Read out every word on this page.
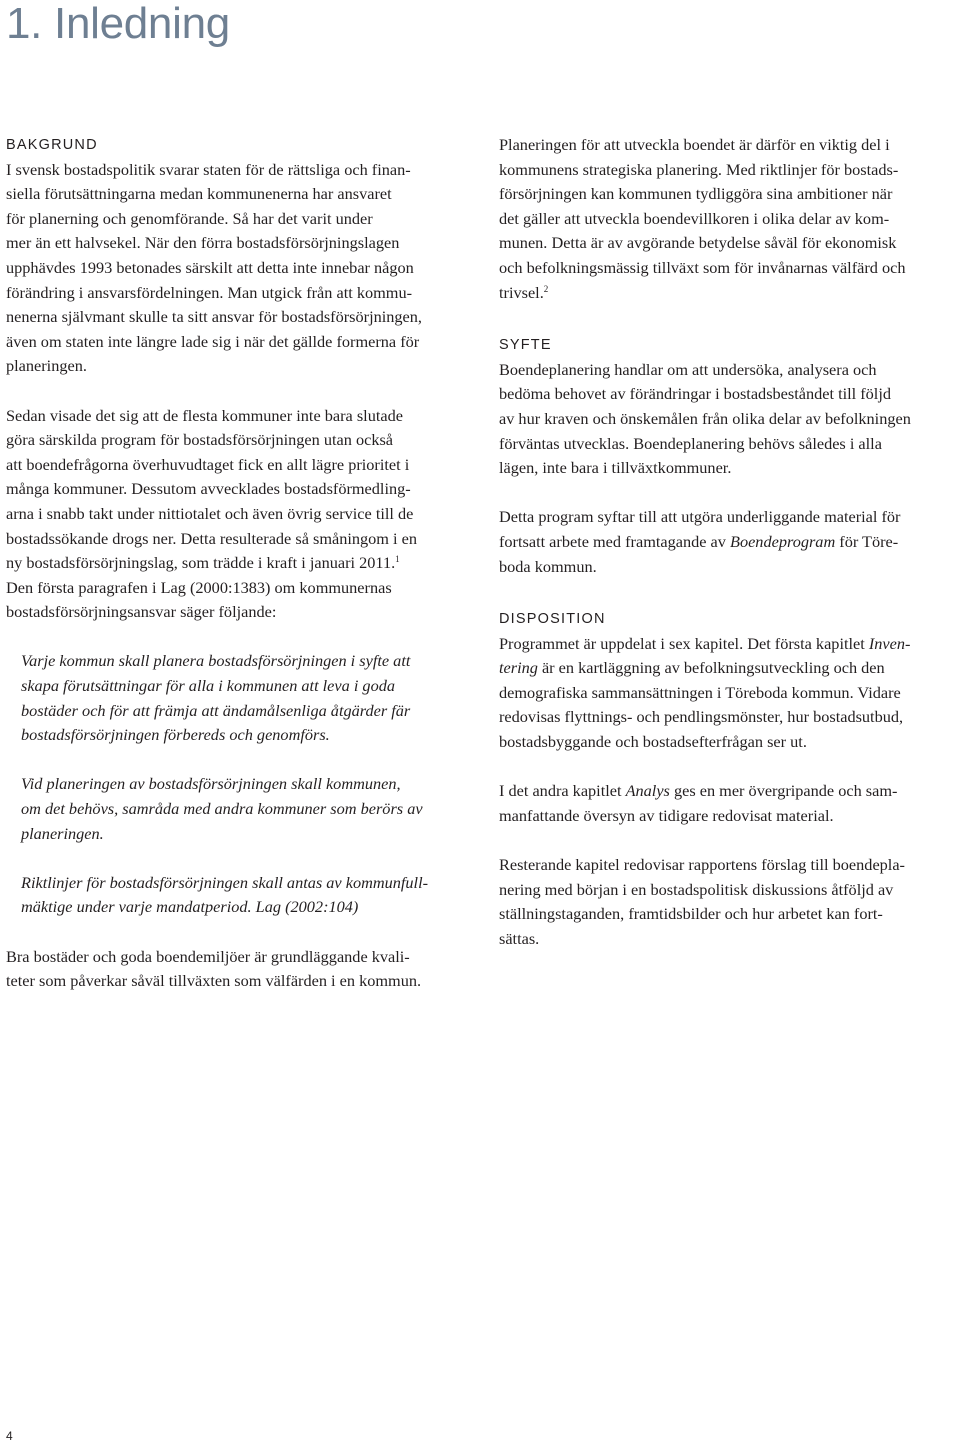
1. Inledning
BAKGRUND

I svensk bostadspolitik svarar staten för de rättsliga och finan-
siella förutsättningarna medan kommunenerna har ansvaret
för planerning och genomförande. Så har det varit under
mer än ett halvsekel. När den förra bostadsförsörjningslagen
upphävdes 1993 betonades särskilt att detta inte innebar någon
förändring i ansvarsfördelningen. Man utgick från att kommu-
nenerna självmant skulle ta sitt ansvar för bostadsförsörjningen,
även om staten inte längre lade sig i när det gällde formerna för
planeringen.

Sedan visade det sig att de flesta kommuner inte bara slutade
göra särskilda program för bostadsförsörjningen utan också
att boendefrågorna överhuvudtaget fick en allt lägre prioritet i
många kommuner. Dessutom avvecklades bostadsförmedling-
arna i snabb takt under nittiotalet och även övrig service till de
bostadssökande drogs ner. Detta resulterade så småningom i en
ny bostadsförsörjningslag, som trädde i kraft i januari 2011.$^1$
Den första paragrafen i Lag (2000:1383) om kommunernas
bostadsförsörjningsansvar säger följande:

Varje kommun skall planera bostadsförsörjningen i syfte att
skapa förutsättningar för alla i kommunen att leva i goda
bostäder och för att främja att ändamålsenliga åtgärder fär
bostadsförsörjningen förbereds och genomförs.

Vid planeringen av bostadsförsörjningen skall kommunen,
om det behövs, samråda med andra kommuner som berörs av
planeringen.

Riktlinjer för bostadsförsörjningen skall antas av kommunfull-
mäktige under varje mandatperiod. Lag (2002:104)

Bra bostäder och goda boendemiljöer är grundläggande kvali-
teter som påverkar såväl tillväxten som välfärden i en kommun.

Planeringen för att utveckla boendet är därför en viktig del i
kommunens strategiska planering. Med riktlinjer för bostads-
försörjningen kan kommunen tydliggöra sina ambitioner när
det gäller att utveckla boendevillkoren i olika delar av kom-
munen. Detta är av avgörande betydelse såväl för ekonomisk
och befolkningsmässig tillväxt som för invånarnas välfärd och
trivsel.$^2$

SYFTE

Boendeplanering handlar om att undersöka, analysera och
bedöma behovet av förändringar i bostadsbeståndet till följd
av hur kraven och önskemålen från olika delar av befolkningen
förväntas utvecklas. Boendeplanering behövs således i alla
lägen, inte bara i tillväxtkommuner.

Detta program syftar till att utgöra underliggande material för
fortsatt arbete med framtagande av Boendeprogram för Töre-
boda kommun.

DISPOSITION

Programmet är uppdelat i sex kapitel. Det första kapitlet Inven-
tering är en kartläggning av befolkningsutveckling och den
demografiska sammansättningen i Töreboda kommun. Vidare
redovisas flyttnings- och pendlingsmönster, hur bostadsutbud,
bostadsbyggande och bostadsefterfrågan ser ut.

I det andra kapitlet Analys ges en mer övergripande och sam-
manfattande översyn av tidigare redovisat material.

Resterande kapitel redovisar rapportens förslag till boendepla-
nering med början i en bostadspolitisk diskussions åtföljd av
ställningstaganden, framtidsbilder och hur arbetet kan fort-
sättas.

4
